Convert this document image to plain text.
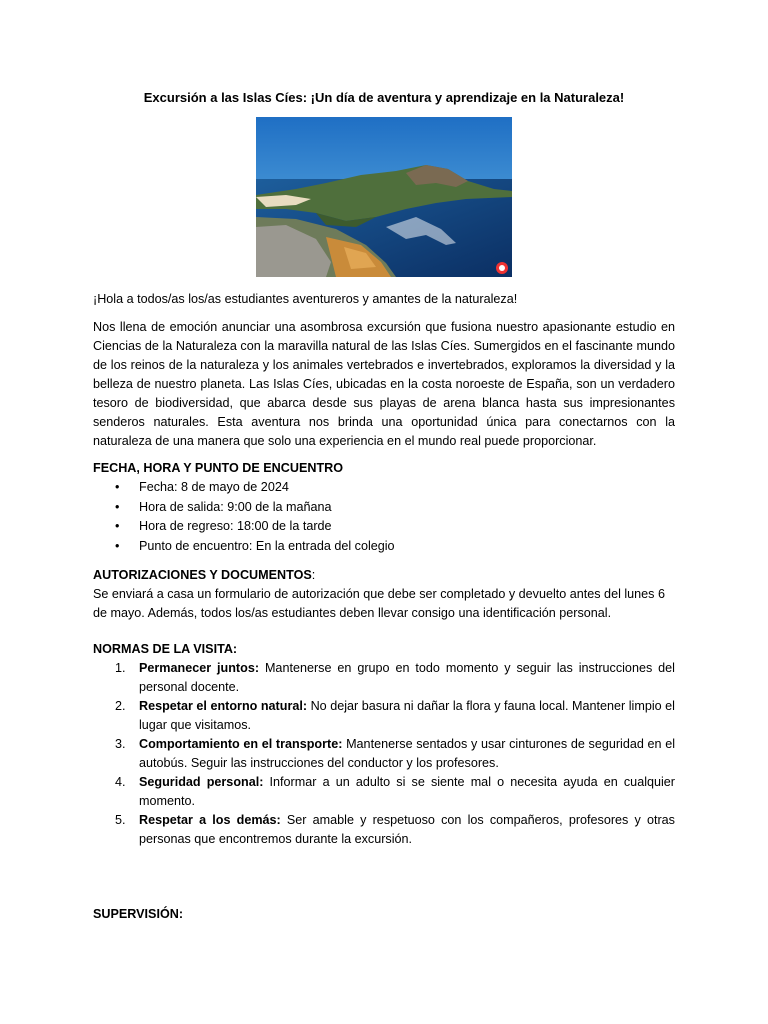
Excursión a las Islas Cíes: ¡Un día de aventura y aprendizaje en la Naturaleza!

¡Hola a todos/as los/as estudiantes aventureros y amantes de la naturaleza!

Nos llena de emoción anunciar una asombrosa excursión que fusiona nuestro apasionante estudio en Ciencias de la Naturaleza con la maravilla natural de las Islas Cíes. Sumergidos en el fascinante mundo de los reinos de la naturaleza y los animales vertebrados e invertebrados, exploramos la diversidad y la belleza de nuestro planeta. Las Islas Cíes, ubicadas en la costa noroeste de España, son un verdadero tesoro de biodiversidad, que abarca desde sus playas de arena blanca hasta sus impresionantes senderos naturales. Esta aventura nos brinda una oportunidad única para conectarnos con la naturaleza de una manera que solo una experiencia en el mundo real puede proporcionar.

FECHA, HORA Y PUNTO DE ENCUENTRO

• Fecha: 8 de mayo de 2024
• Hora de salida: 9:00 de la mañana
• Hora de regreso: 18:00 de la tarde
• Punto de encuentro: En la entrada del colegio

AUTORIZACIONES Y DOCUMENTOS:

Se enviará a casa un formulario de autorización que debe ser completado y devuelto antes del lunes 6 de mayo. Además, todos los/as estudiantes deben llevar consigo una identificación personal.

NORMAS DE LA VISITA:

1. Permanecer juntos: Mantenerse en grupo en todo momento y seguir las instrucciones del personal docente.
2. Respetar el entorno natural: No dejar basura ni dañar la flora y fauna local. Mantener limpio el lugar que visitamos.
3. Comportamiento en el transporte: Mantenerse sentados y usar cinturones de seguridad en el autobús. Seguir las instrucciones del conductor y los profesores.
4. Seguridad personal: Informar a un adulto si se siente mal o necesita ayuda en cualquier momento.
5. Respetar a los demás: Ser amable y respetuoso con los compañeros, profesores y otras personas que encontremos durante la excursión.

SUPERVISIÓN:
